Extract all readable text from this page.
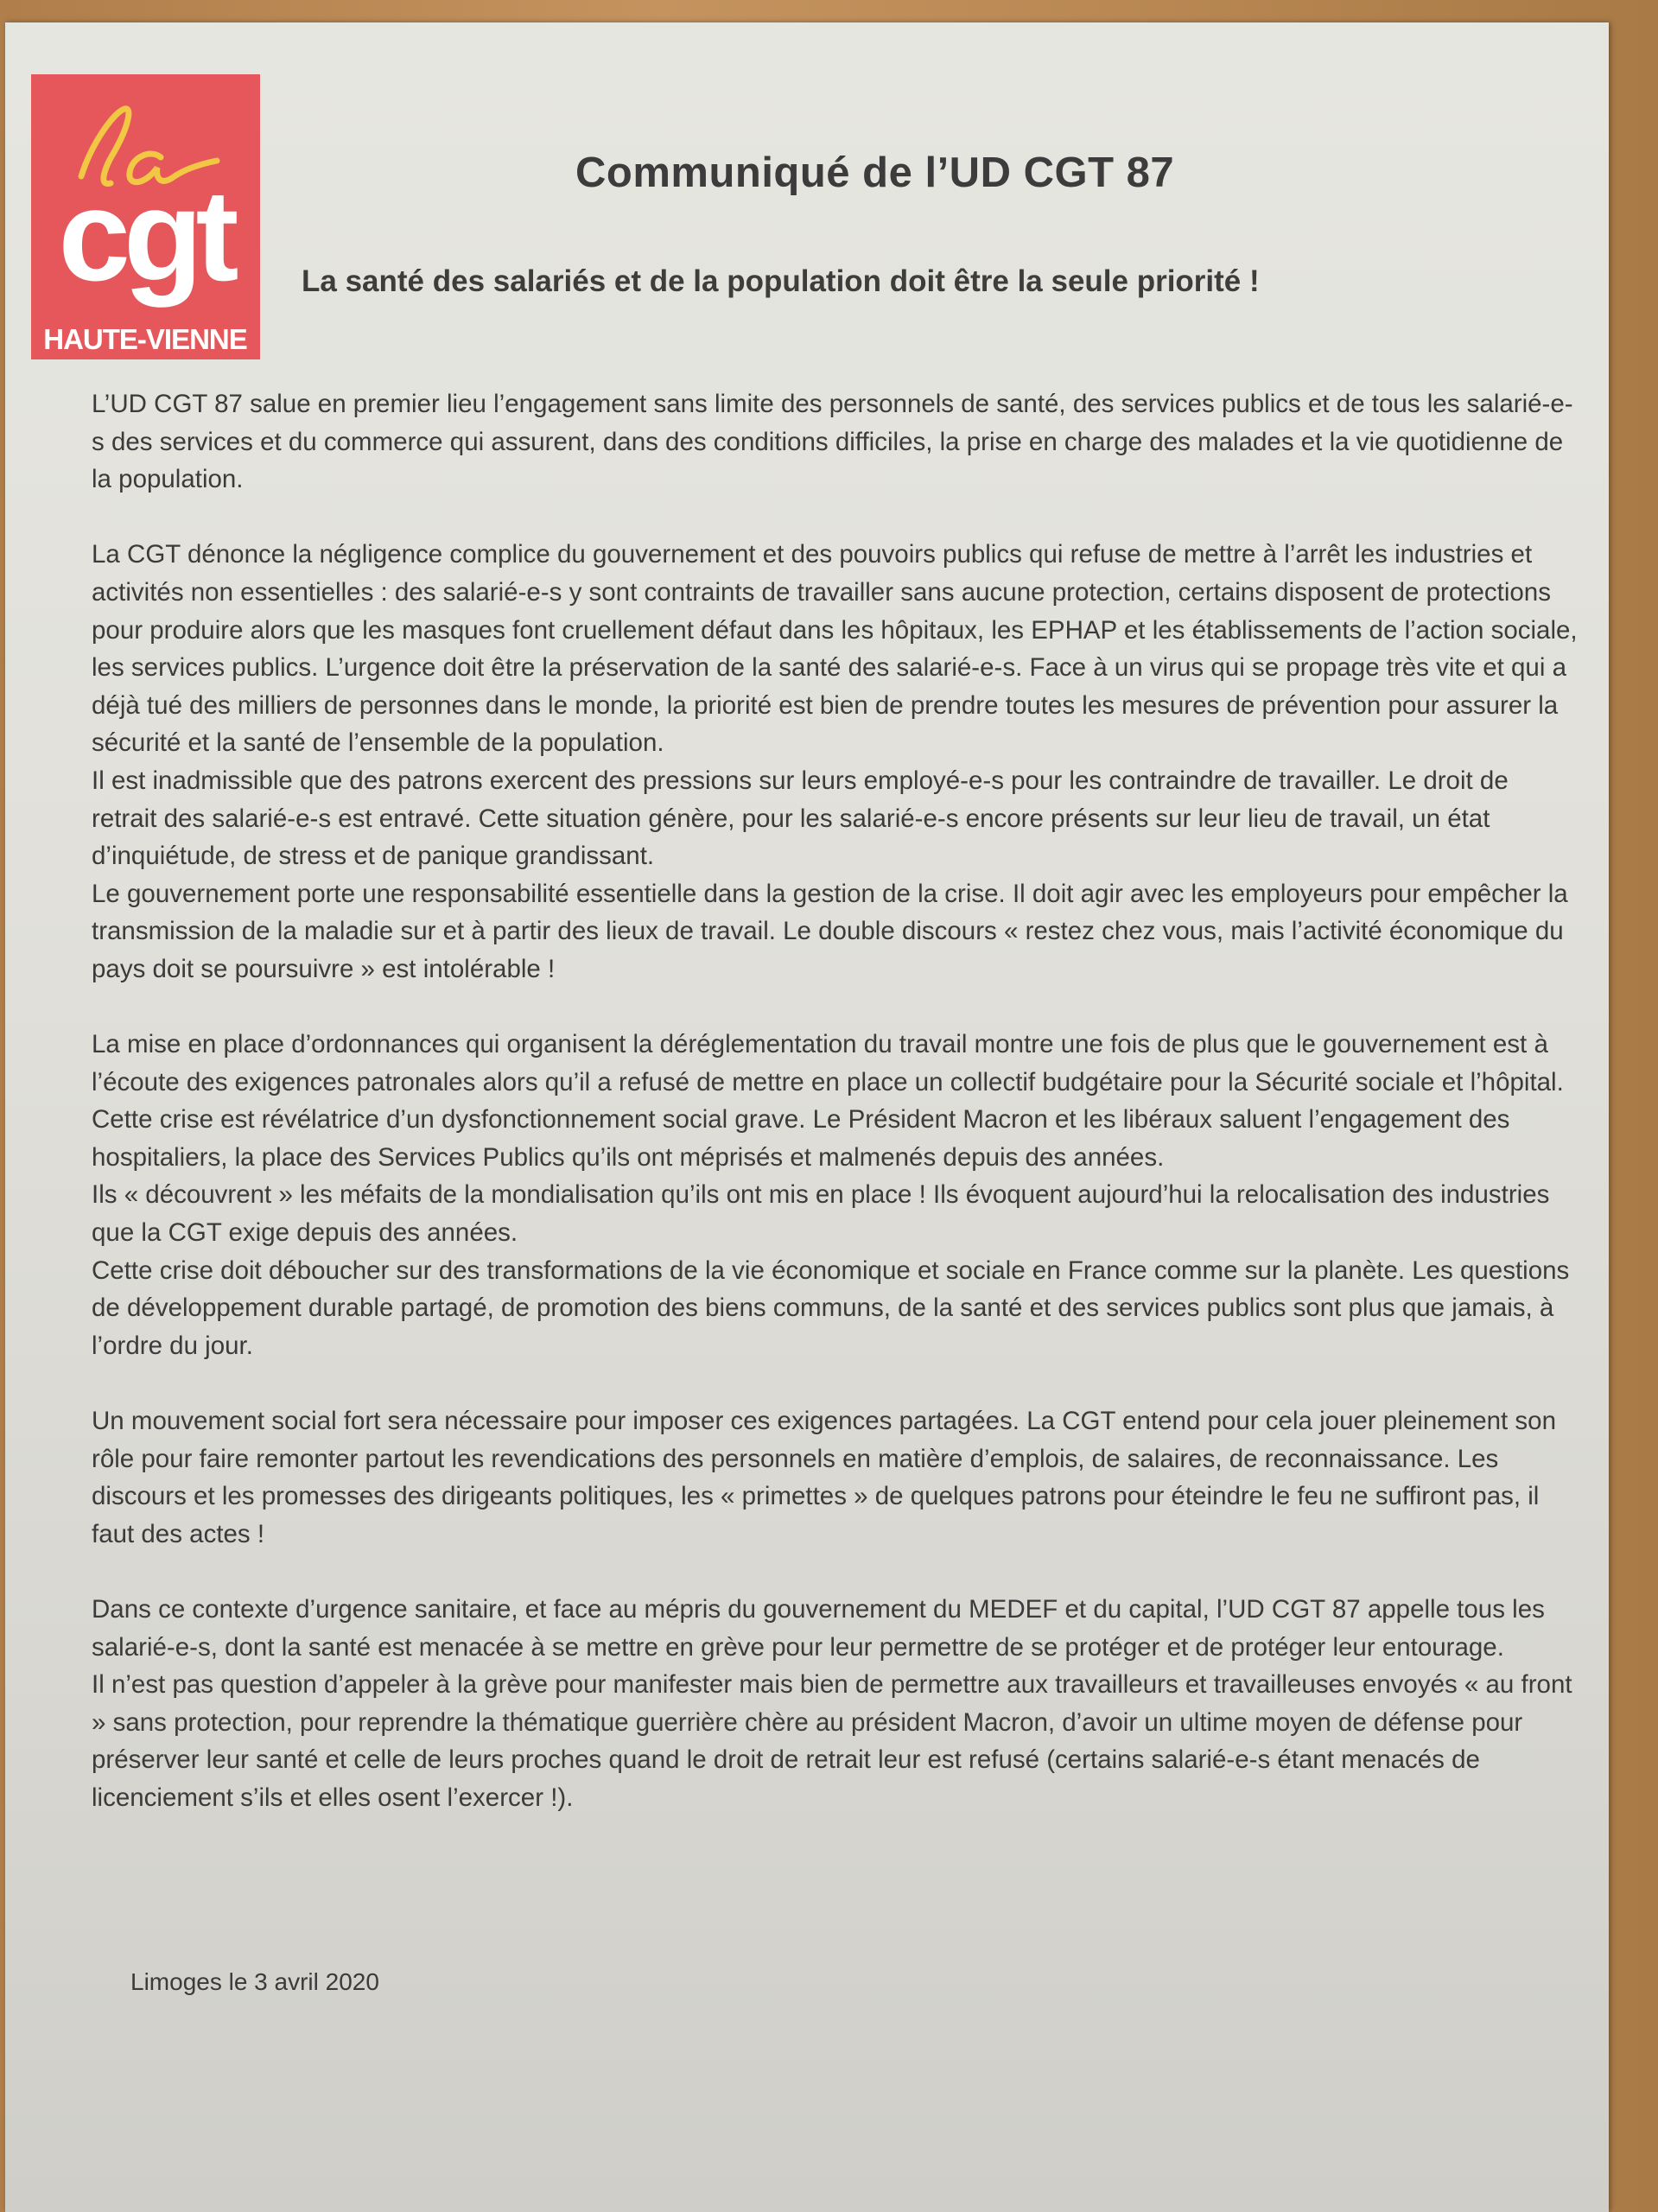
cgt
HAUTE-VIENNE
Communiqué de l’UD CGT 87
La santé des salariés et de la population doit être la seule priorité !

L’UD CGT 87 salue en premier lieu l’engagement sans limite des personnels de santé, des services publics et de tous les salarié-e-s des services et du commerce qui assurent, dans des conditions difficiles, la prise en charge des malades et la vie quotidienne de la population.

La CGT dénonce la négligence complice du gouvernement et des pouvoirs publics qui refuse de mettre à l’arrêt les industries et activités non essentielles : des salarié-e-s y sont contraints de travailler sans aucune protection, certains disposent de protections pour produire alors que les masques font cruellement défaut dans les hôpitaux, les EPHAP et les établissements de l’action sociale, les services publics. L’urgence doit être la préservation de la santé des salarié-e-s. Face à un virus qui se propage très vite et qui a déjà tué des milliers de personnes dans le monde, la priorité est bien de prendre toutes les mesures de prévention pour assurer la sécurité et la santé de l’ensemble de la population.

Il est inadmissible que des patrons exercent des pressions sur leurs employé-e-s pour les contraindre de travailler. Le droit de retrait des salarié-e-s est entravé. Cette situation génère, pour les salarié-e-s encore présents sur leur lieu de travail, un état d’inquiétude, de stress et de panique grandissant.

Le gouvernement porte une responsabilité essentielle dans la gestion de la crise. Il doit agir avec les employeurs pour empêcher la transmission de la maladie sur et à partir des lieux de travail. Le double discours « restez chez vous, mais l’activité économique du pays doit se poursuivre » est intolérable !

La mise en place d’ordonnances qui organisent la déréglementation du travail montre une fois de plus que le gouvernement est à l’écoute des exigences patronales alors qu’il a refusé de mettre en place un collectif budgétaire pour la Sécurité sociale et l’hôpital.

Cette crise est révélatrice d’un dysfonctionnement social grave. Le Président Macron et les libéraux saluent l’engagement des hospitaliers, la place des Services Publics qu’ils ont méprisés et malmenés depuis des années.

Ils « découvrent » les méfaits de la mondialisation qu’ils ont mis en place ! Ils évoquent aujourd’hui la relocalisation des industries que la CGT exige depuis des années.

Cette crise doit déboucher sur des transformations de la vie économique et sociale en France comme sur la planète. Les questions de développement durable partagé, de promotion des biens communs, de la santé et des services publics sont plus que jamais, à l’ordre du jour.

Un mouvement social fort sera nécessaire pour imposer ces exigences partagées. La CGT entend pour cela jouer pleinement son rôle pour faire remonter partout les revendications des personnels en matière d’emplois, de salaires, de reconnaissance. Les discours et les promesses des dirigeants politiques, les « primettes » de quelques patrons pour éteindre le feu ne suffiront pas, il faut des actes !

Dans ce contexte d’urgence sanitaire, et face au mépris du gouvernement du MEDEF et du capital, l’UD CGT 87 appelle tous les salarié-e-s, dont la santé est menacée à se mettre en grève pour leur permettre de se protéger et de protéger leur entourage.

Il n’est pas question d’appeler à la grève pour manifester mais bien de permettre aux travailleurs et travailleuses envoyés « au front » sans protection, pour reprendre la thématique guerrière chère au président Macron, d’avoir un ultime moyen de défense pour préserver leur santé et celle de leurs proches quand le droit de retrait leur est refusé (certains salarié-e-s étant menacés de licenciement s’ils et elles osent l’exercer !).

Limoges le 3 avril 2020
